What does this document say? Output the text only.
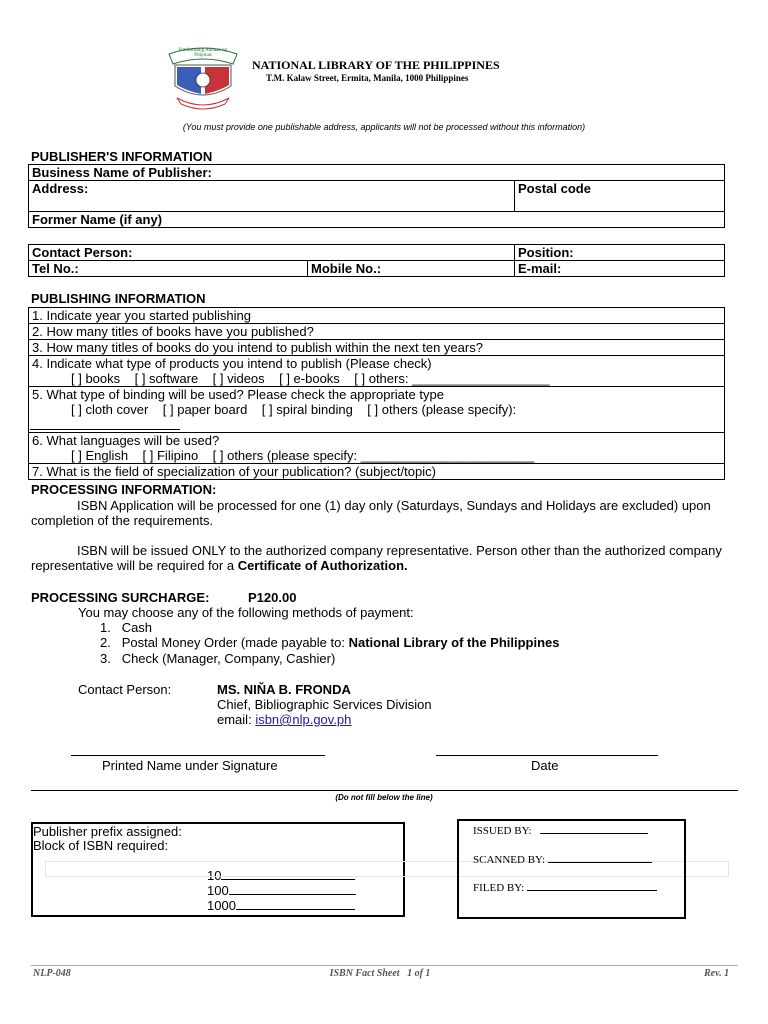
Pambansang Aklatan ng Pilipinas
NATIONAL LIBRARY OF THE PHILIPPINES
T.M. Kalaw Street, Ermita, Manila, 1000 Philippines
(You must provide one publishable address, applicants will not be processed without this information)
PUBLISHER'S INFORMATION
Business Name of Publisher:
Address:	Postal code
Former Name (if any)
Contact Person:		Position:
Tel No.:	Mobile No.:	E-mail:
PUBLISHING INFORMATION
1. Indicate year you started publishing
2. How many titles of books have you published?
3. How many titles of books do you intend to publish within the next ten years?

4. Indicate what type of products you intend to publish (Please check)
[ ] books [ ] software [ ] videos [ ] e-books [ ] others: ___________________

5. What type of binding will be used? Please check the appropriate type
[ ] cloth cover [ ] paper board [ ] spiral binding [ ] others (please specify):

6. What languages will be used?
[ ] English [ ] Filipino [ ] others (please specify: ________________________

7. What is the field of specialization of your publication? (subject/topic)
PROCESSING INFORMATION:
ISBN Application will be processed for one (1) day only (Saturdays, Sundays and Holidays are excluded) upon completion of the requirements.
ISBN will be issued ONLY to the authorized company representative. Person other than the authorized company representative will be required for a Certificate of Authorization.
PROCESSING SURCHARGE:	P120.00
You may choose any of the following methods of payment:
1.   Cash
2.   Postal Money Order (made payable to: National Library of the Philippines
3.   Check (Manager, Company, Cashier)
Contact Person:	MS. NIŇA B. FRONDA
Chief, Bibliographic Services Division
email: isbn@nlp.gov.ph
Printed Name under Signature	Date
(Do not fill below the line)
Publisher prefix assigned:
Block of ISBN required:
10
100
1000
ISSUED BY:
SCANNED BY:
FILED BY:
NLP-048	ISBN Fact Sheet   1 of 1	Rev. 1
